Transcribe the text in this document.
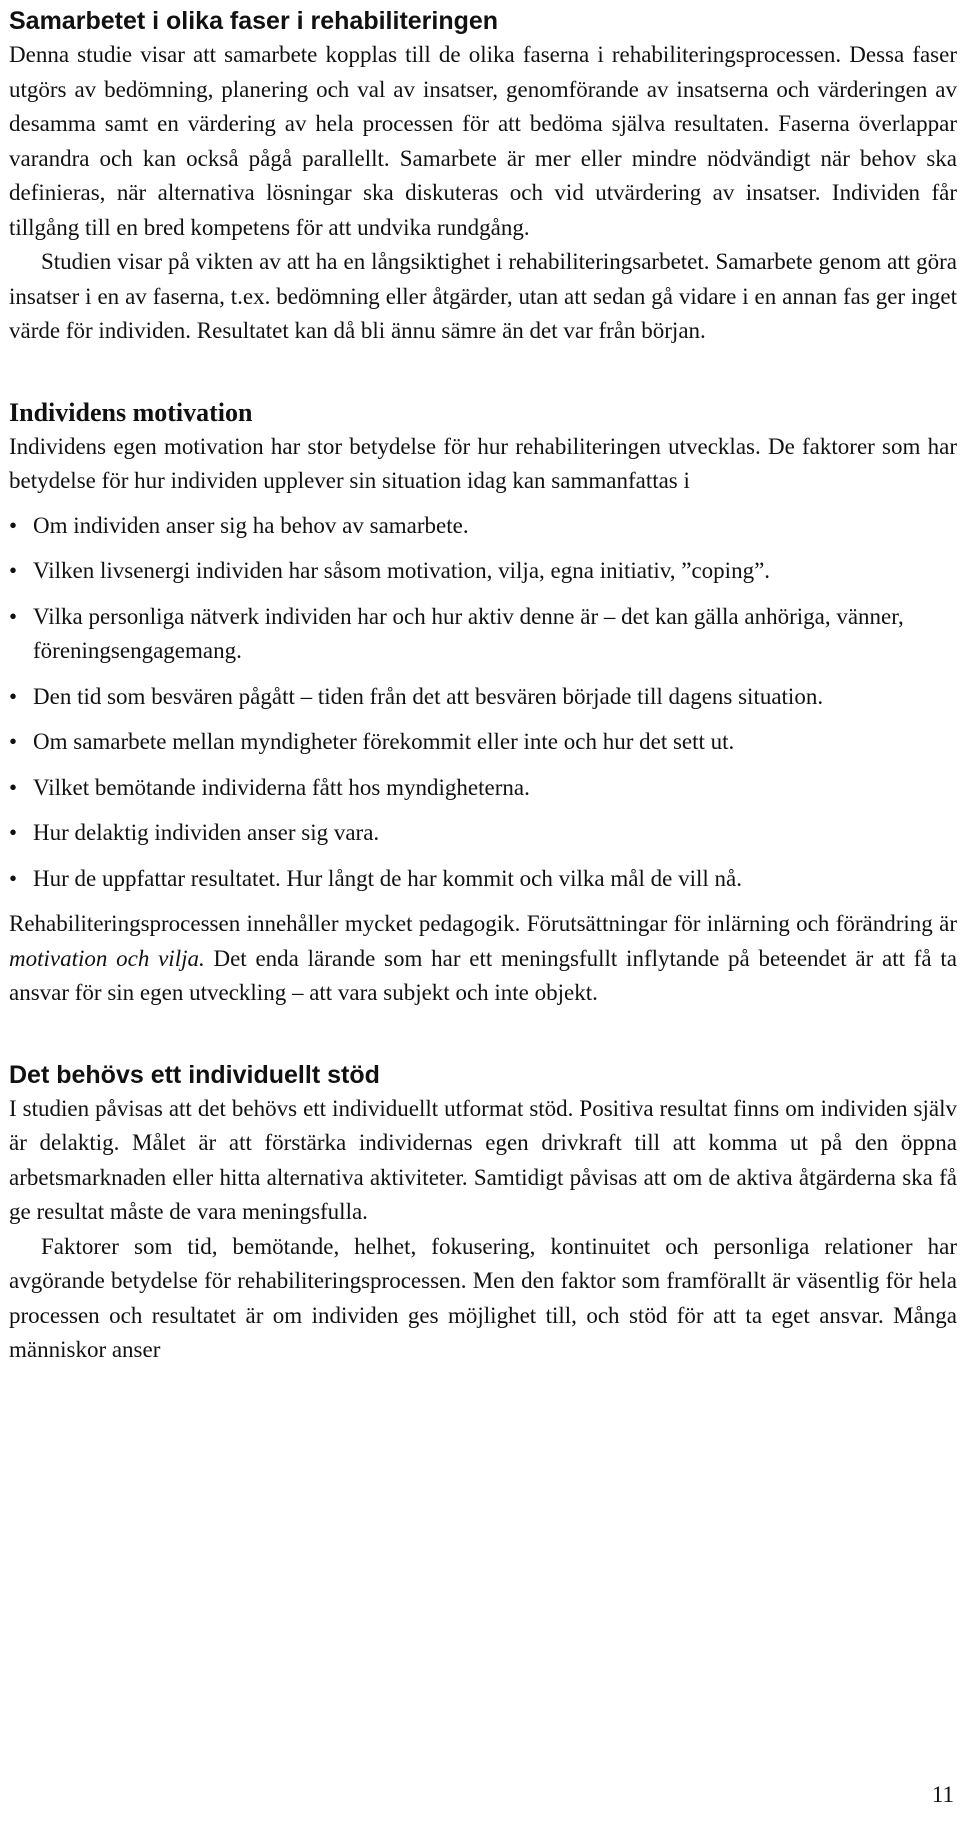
Samarbetet i olika faser i rehabiliteringen

Denna studie visar att samarbete kopplas till de olika faserna i rehabiliteringsprocessen. Dessa faser utgörs av bedömning, planering och val av insatser, genomförande av insatserna och värderingen av desamma samt en värdering av hela processen för att bedöma själva resultaten. Faserna överlappar varandra och kan också pågå parallellt. Samarbete är mer eller mindre nödvändigt när behov ska definieras, när alternativa lösningar ska diskuteras och vid utvärdering av insatser. Individen får tillgång till en bred kompetens för att undvika rundgång.

Studien visar på vikten av att ha en långsiktighet i rehabiliteringsarbetet. Samarbete genom att göra insatser i en av faserna, t.ex. bedömning eller åtgärder, utan att sedan gå vidare i en annan fas ger inget värde för individen. Resultatet kan då bli ännu sämre än det var från början.

Individens motivation

Individens egen motivation har stor betydelse för hur rehabiliteringen utvecklas. De faktorer som har betydelse för hur individen upplever sin situation idag kan sammanfattas i

• Om individen anser sig ha behov av samarbete.
• Vilken livsenergi individen har såsom motivation, vilja, egna initiativ, ”coping”.
• Vilka personliga nätverk individen har och hur aktiv denne är – det kan gälla anhöriga, vänner, föreningsengagemang.
• Den tid som besvären pågått – tiden från det att besvären började till dagens situation.
• Om samarbete mellan myndigheter förekommit eller inte och hur det sett ut.
• Vilket bemötande individerna fått hos myndigheterna.
• Hur delaktig individen anser sig vara.
• Hur de uppfattar resultatet. Hur långt de har kommit och vilka mål de vill nå.

Rehabiliteringsprocessen innehåller mycket pedagogik. Förutsättningar för inlärning och förändring är motivation och vilja. Det enda lärande som har ett meningsfullt inflytande på beteendet är att få ta ansvar för sin egen utveckling – att vara subjekt och inte objekt.

Det behövs ett individuellt stöd

I studien påvisas att det behövs ett individuellt utformat stöd. Positiva resultat finns om individen själv är delaktig. Målet är att förstärka individernas egen drivkraft till att komma ut på den öppna arbetsmarknaden eller hitta alternativa aktiviteter. Samtidigt påvisas att om de aktiva åtgärderna ska få ge resultat måste de vara meningsfulla.

Faktorer som tid, bemötande, helhet, fokusering, kontinuitet och personliga relationer har avgörande betydelse för rehabiliteringsprocessen. Men den faktor som framförallt är väsentlig för hela processen och resultatet är om individen ges möjlighet till, och stöd för att ta eget ansvar. Många människor anser

11
